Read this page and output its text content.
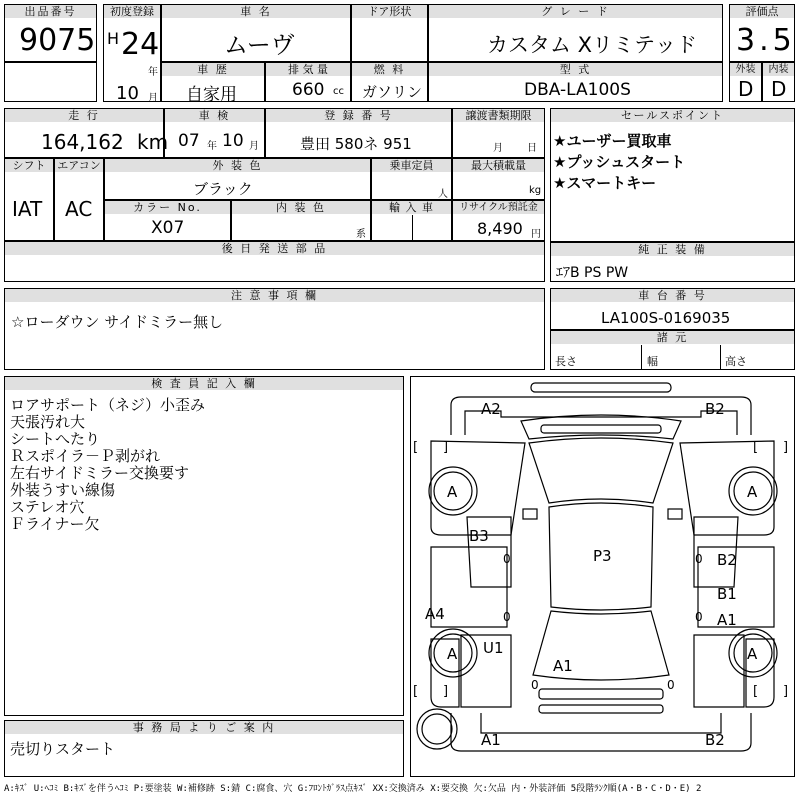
出品番号
9075
初度登録
H 24
年
10 月
車 名
ムーヴ
ドア形状	グ レ ー ド
カスタム Xリミテッド
評価点
3.5
車 歴
自家用
排 気 量
660 cc
燃 料
ガソリン
型 式
DBA-LA100S
外装
D
内装
D
走 行
164,162 km
車 検
07 年 10 月
登 録 番 号
豊田 580ネ 951
譲渡書類期限
月 日
シフト
IAT
エアコン
AC
外 装 色
ブラック
乗車定員
人
最大積載量
kg
カラー No.
X07
内 装 色
系
輸 入 車	リサイクル預託金
8,490 円
後 日 発 送 部 品
セールスポイント
★ユーザー買取車
★プッシュスタート
★スマートキー
純 正 装 備
ｴｱB PS PW
注 意 事 項 欄
☆ローダウン サイドミラー無し
車 台 番 号
LA100S-0169035
諸 元
長さ	幅	高さ
検 査 員 記 入 欄
ロアサポート（ネジ）小歪み
天張汚れ大
シートへたり
Ｒスポイラ－Ｐ剥がれ
左右サイドミラー交換要す
外装うすい線傷
ステレオ穴
Ｆライナー欠
事 務 局 よ り ご 案 内
売切りスタート
0	0
0	0
0	0
[ ]	[ ]
[ ]	[ ]
A2	B2
A	A
B3
P3	B2
B1
A1
A4
U1
A	A
A1
A1	B2
A:ｷｽﾞ U:ﾍｺﾐ B:ｷｽﾞを伴うﾍｺﾐ P:要塗装 W:補修跡 S:錆 C:腐食、穴 G:ﾌﾛﾝﾄｶﾞﾗｽ点ｷｽﾞ XX:交換済み X:要交換 欠:欠品 内・外装評価 5段階ﾗﾝｸ順(A・B・C・D・E) 2
